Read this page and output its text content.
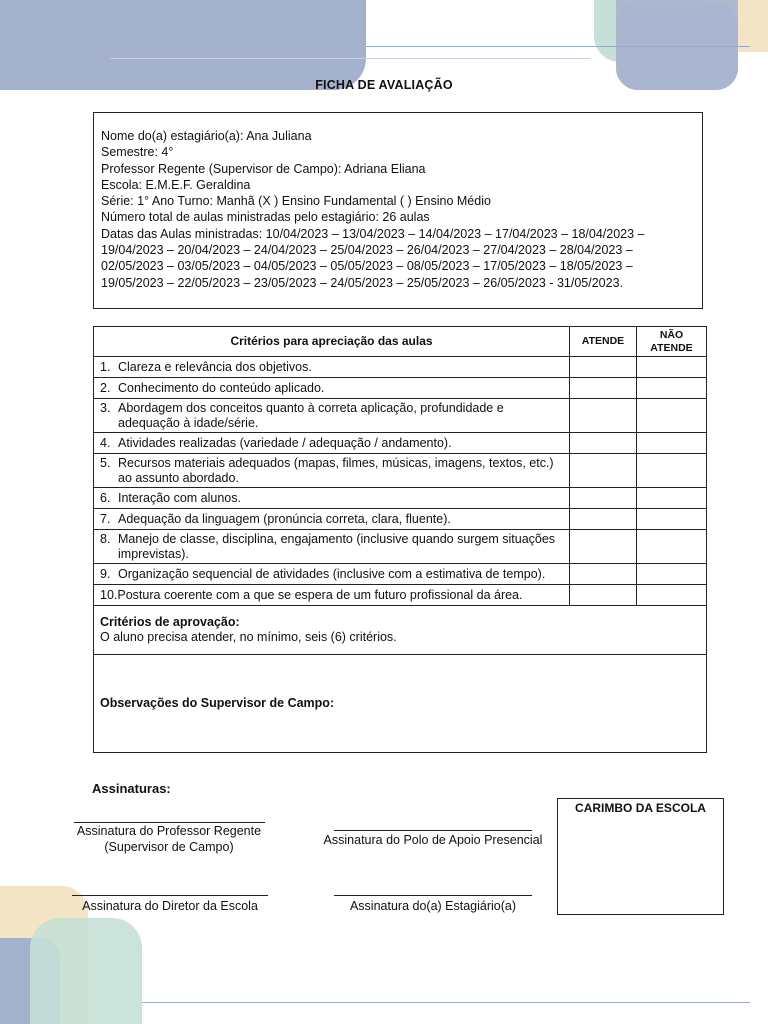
FICHA DE AVALIAÇÃO
Nome do(a) estagiário(a): Ana Juliana
Semestre: 4°
Professor Regente (Supervisor de Campo): Adriana Eliana
Escola: E.M.E.F. Geraldina
Série: 1° Ano Turno: Manhã (X ) Ensino Fundamental ( ) Ensino Médio
Número total de aulas ministradas pelo estagiário: 26 aulas
Datas das Aulas ministradas: 10/04/2023 – 13/04/2023 – 14/04/2023 – 17/04/2023 – 18/04/2023 –
19/04/2023 – 20/04/2023 – 24/04/2023 – 25/04/2023 – 26/04/2023 – 27/04/2023 – 28/04/2023 –
02/05/2023 – 03/05/2023 – 04/05/2023 – 05/05/2023 – 08/05/2023 – 17/05/2023 – 18/05/2023 –
19/05/2023 – 22/05/2023 – 23/05/2023 – 24/05/2023 – 25/05/2023 – 26/05/2023 - 31/05/2023.
Critérios para apreciação das aulas	ATENDE	NÃO ATENDE

1. Clareza e relevância dos objetivos.		

2. Conhecimento do conteúdo aplicado.		

3. Abordagem dos conceitos quanto à correta aplicação, profundidade e adequação à idade/série.		

4. Atividades realizadas (variedade / adequação / andamento).		

5. Recursos materiais adequados (mapas, filmes, músicas, imagens, textos, etc.) ao assunto abordado.		

6. Interação com alunos.		

7. Adequação da linguagem (pronúncia correta, clara, fluente).		

8. Manejo de classe, disciplina, engajamento (inclusive quando surgem situações imprevistas).		

9. Organização sequencial de atividades (inclusive com a estimativa de tempo).		

10. Postura coerente com a que se espera de um futuro profissional da área.		

Critérios de aprovação:
O aluno precisa atender, no mínimo, seis (6) critérios.		

Observações do Supervisor de Campo:		
Assinaturas:
Assinatura do Professor Regente
(Supervisor de Campo)	Assinatura do Polo de Apoio Presencial
Assinatura do Diretor da Escola	Assinatura do(a) Estagiário(a)
CARIMBO DA ESCOLA
